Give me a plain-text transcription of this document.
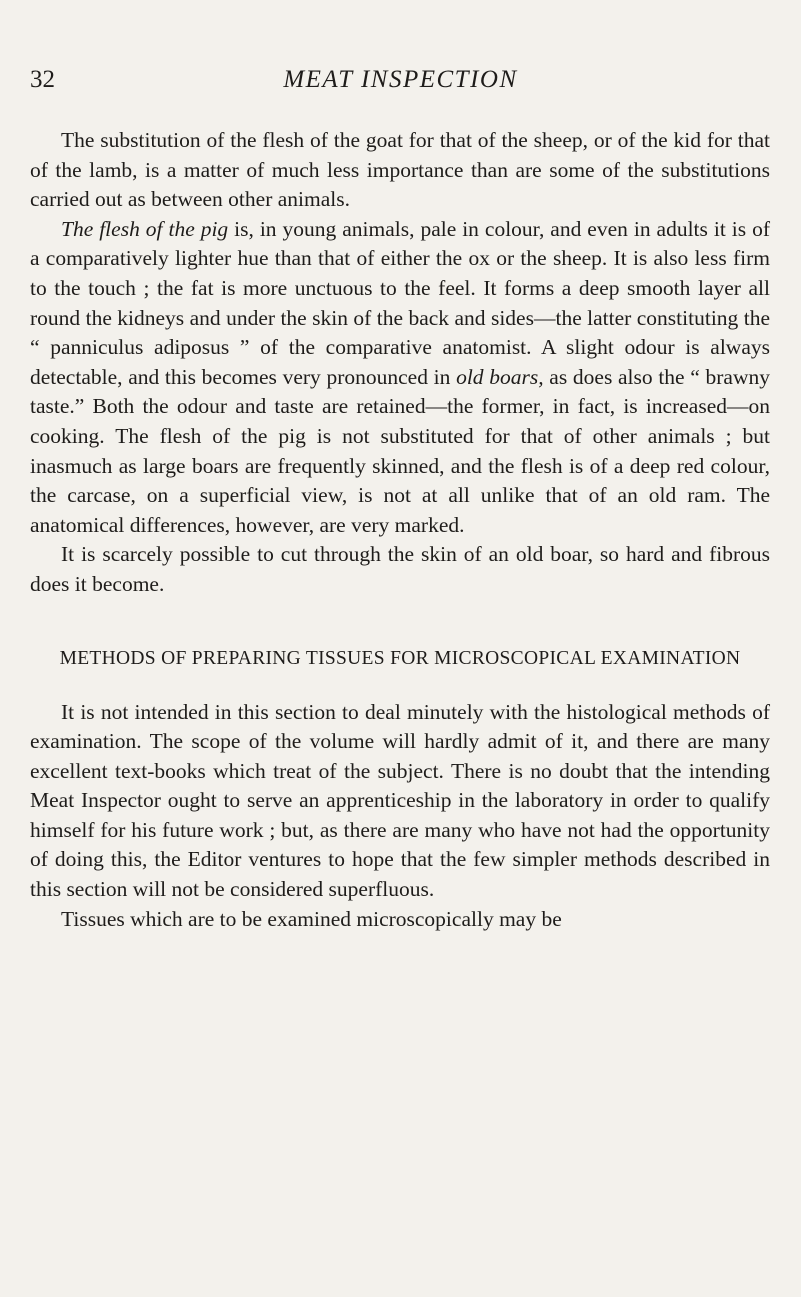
32	MEAT INSPECTION

The substitution of the flesh of the goat for that of the sheep, or of the kid for that of the lamb, is a matter of much less importance than are some of the substitutions carried out as between other animals.

The flesh of the pig is, in young animals, pale in colour, and even in adults it is of a comparatively lighter hue than that of either the ox or the sheep. It is also less firm to the touch ; the fat is more unctuous to the feel. It forms a deep smooth layer all round the kidneys and under the skin of the back and sides—the latter constituting the “ panniculus adiposus ” of the comparative anatomist. A slight odour is always detectable, and this becomes very pronounced in old boars, as does also the “ brawny taste.” Both the odour and taste are retained—the former, in fact, is increased—on cooking. The flesh of the pig is not substituted for that of other animals ; but inasmuch as large boars are frequently skinned, and the flesh is of a deep red colour, the carcase, on a superficial view, is not at all unlike that of an old ram. The anatomical differences, however, are very marked.

It is scarcely possible to cut through the skin of an old boar, so hard and fibrous does it become.

METHODS OF PREPARING TISSUES FOR MICROSCOPICAL EXAMINATION

It is not intended in this section to deal minutely with the histological methods of examination. The scope of the volume will hardly admit of it, and there are many excellent text-books which treat of the subject. There is no doubt that the intending Meat Inspector ought to serve an apprenticeship in the laboratory in order to qualify himself for his future work ; but, as there are many who have not had the opportunity of doing this, the Editor ventures to hope that the few simpler methods described in this section will not be considered superfluous.

Tissues which are to be examined microscopically may be
